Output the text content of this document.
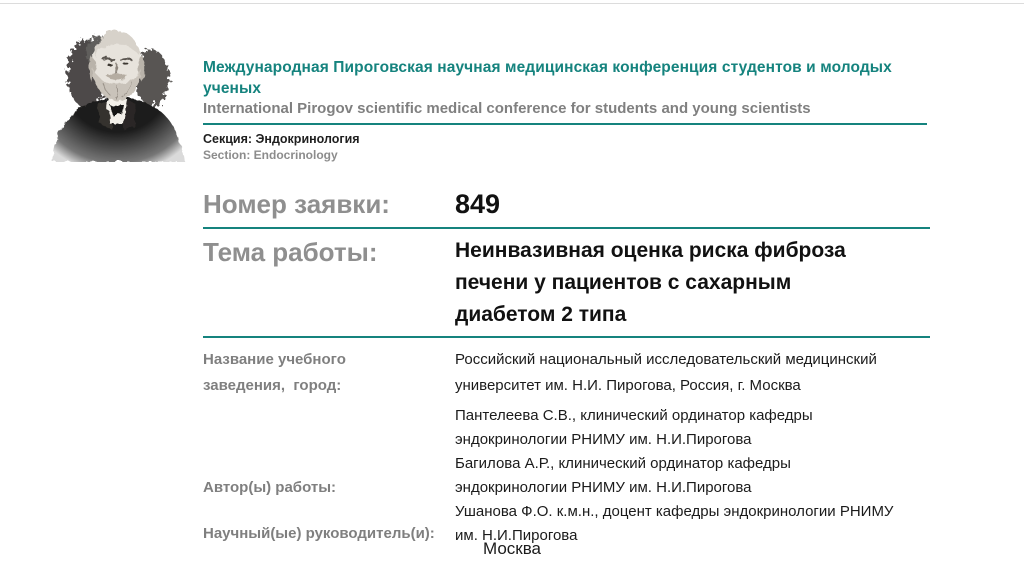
Международная Пироговская научная медицинская конференция студентов и молодых ученых
International Pirogov scientific medical conference for students and young scientists
Секция: Эндокринология
Section: Endocrinology
Номер заявки:	849
Тема работы:	Неинвазивная оценка риска фиброза
печени у пациентов с сахарным
диабетом 2 типа
Название учебного
заведения,  город:
Российский национальный исследовательский медицинский
университет им. Н.И. Пирогова, Россия, г. Москва
Автор(ы) работы:
Пантелеева С.В., клинический ординатор кафедры
эндокринологии РНИМУ им. Н.И.Пирогова
Багилова А.Р., клинический ординатор кафедры
эндокринологии РНИМУ им. Н.И.Пирогова
Научный(ые) руководитель(и):
Ушанова Ф.О. к.м.н., доцент кафедры эндокринологии РНИМУ
им. Н.И.Пирогова
Москва
